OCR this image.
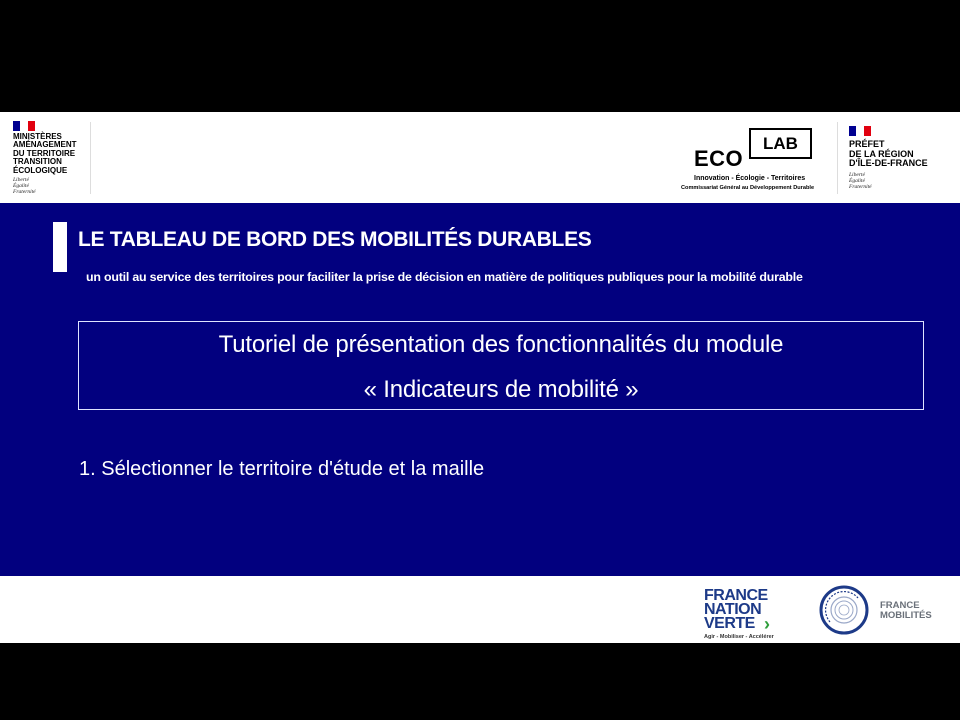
MINISTÈRES
AMÉNAGEMENT
DU TERRITOIRE
TRANSITION
ÉCOLOGIQUE
Liberté
Égalité
Fraternité
ECO
LAB
Innovation - Écologie - Territoires
Commissariat Général au Développement Durable
PRÉFET
DE LA RÉGION
D'ÎLE-DE-FRANCE
Liberté
Égalité
Fraternité
LE TABLEAU DE BORD DES MOBILITÉS DURABLES
un outil au service des territoires pour faciliter la prise de décision en matière de politiques publiques pour la mobilité durable
Tutoriel de présentation des fonctionnalités du module
« Indicateurs de mobilité »
1. Sélectionner le territoire d'étude et la maille
FRANCE
NATION
VERTE ›
Agir - Mobiliser - Accélérer
FRANCE
MOBILITÉS
